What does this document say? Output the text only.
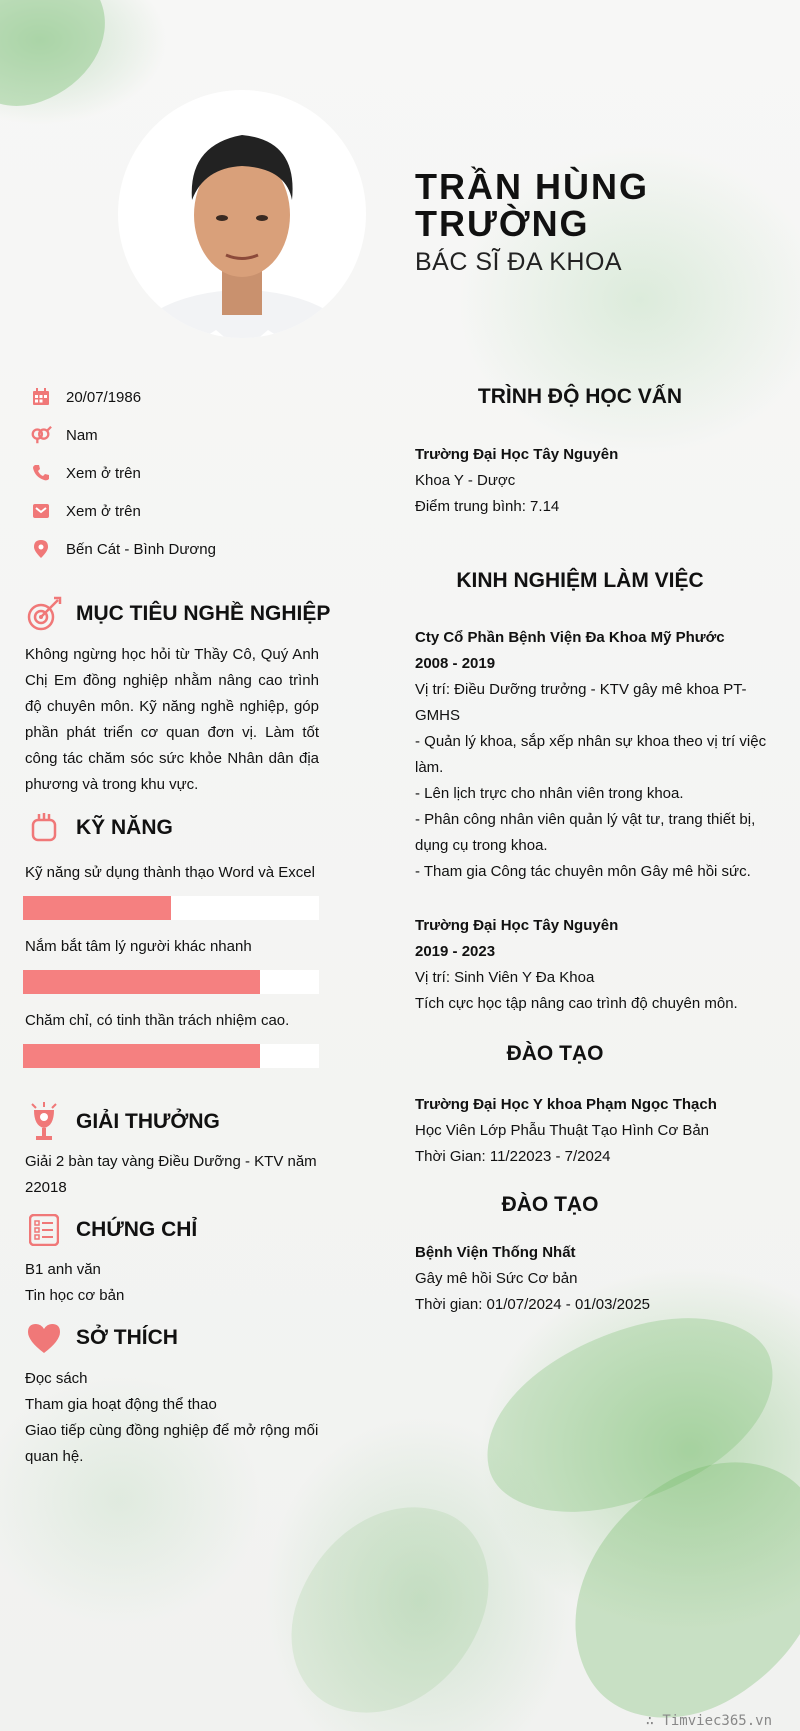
TRẦN HÙNG TRƯỜNG
BÁC SĨ ĐA KHOA
20/07/1986
Nam
Xem ở trên
Xem ở trên
Bến Cát - Bình Dương
MỤC TIÊU NGHỀ NGHIỆP
Không ngừng học hỏi từ Thầy Cô, Quý Anh Chị Em đồng nghiệp nhằm nâng cao trình độ chuyên môn. Kỹ năng nghề nghiệp, góp phần phát triển cơ quan đơn vị. Làm tốt công tác chăm sóc sức khỏe Nhân dân địa phương và trong khu vực.
KỸ NĂNG
Kỹ năng sử dụng thành thạo Word và Excel
Nắm bắt tâm lý người khác nhanh
Chăm chỉ, có tinh thần trách nhiệm cao.
GIẢI THƯỞNG
Giải 2 bàn tay vàng Điều Dưỡng - KTV năm
22018
CHỨNG CHỈ
B1 anh văn
Tin học cơ bản
SỞ THÍCH
Đọc sách
Tham gia hoạt động thể thao
Giao tiếp cùng đồng nghiệp để mở rộng mối
quan hệ.
TRÌNH ĐỘ HỌC VẤN
Trường Đại Học Tây Nguyên
Khoa Y - Dược
Điểm trung bình: 7.14
KINH NGHIỆM LÀM VIỆC
Cty Cổ Phần Bệnh Viện Đa Khoa Mỹ Phước
2008 - 2019
Vị trí: Điều Dưỡng trưởng - KTV gây mê khoa PT-
GMHS
- Quản lý khoa, sắp xếp nhân sự khoa theo vị trí việc
làm.
- Lên lịch trực cho nhân viên trong khoa.
- Phân công nhân viên quản lý vật tư, trang thiết bị,
dụng cụ trong khoa.
- Tham gia Công tác chuyên môn Gây mê hồi sức.
Trường Đại Học Tây Nguyên
2019 - 2023
Vị trí: Sinh Viên Y Đa Khoa
Tích cực học tập nâng cao trình độ chuyên môn.
ĐÀO TẠO
Trường Đại Học Y khoa Phạm Ngọc Thạch
Học Viên Lớp Phẫu Thuật Tạo Hình Cơ Bản
Thời Gian: 11/22023 - 7/2024
ĐÀO TẠO
Bệnh Viện Thống Nhất
Gây mê hồi Sức Cơ bản
Thời gian: 01/07/2024 - 01/03/2025
∴ Timviec365.vn
